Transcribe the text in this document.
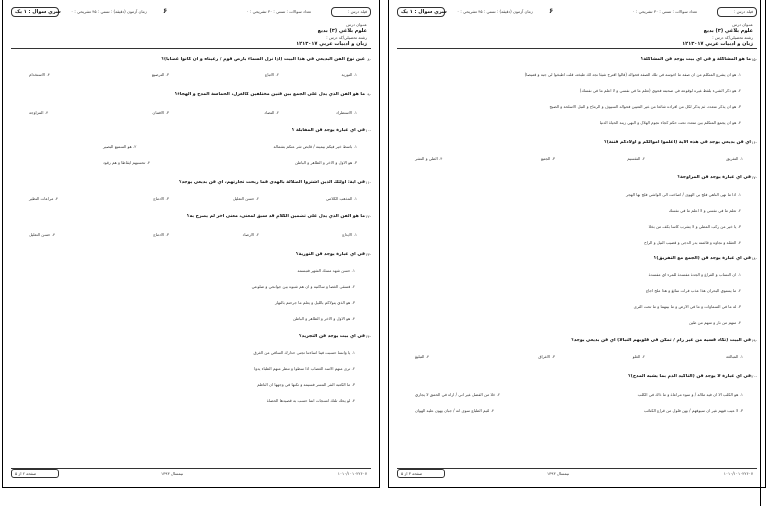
فيلد درس :
تعداد سوالات : تستي : ۳۰ تشريحي : ۰
۶
زمان آزمون (دقيقه) : تستي : ۴۵ تشريحي : ۰
سري سوال : ۱ يک
عنـوان درس
علوم بلاغي (۳) بديع
رشته تحصيلي/کد درس :
زبان و ادبيات عربي ۱۲۱۳۰۱۷
۸-
عين نوع الفن البديعي في هذا البيت (اذا نزل السماء بارض قوم / رعيناه و ان كانوا غضابا)؟
۱. التورية
۲. الاتباع
۳. الترصيع
۴. الاستخدام
۹-
ما هو الفن الذي يدل على الجمع بين فنين مختلفين كالغزل، الحماسة المدح و الهجاء؟
۱. الاستطراد
۲. التضاد
۳. الافتنان
۴. المزاوجة
۱۰-
في اي عبارة يوجد فن المقابلة ؟
۱. باسط خير فيكم بيمينه / قابض شر عنكم بشماله
۲. هو السميع البصير
۳. هو الاول و الاخر و الظاهر و الباطن
۴. تحسبهم ايقاظا و هم رقود
۱۱-
في آية: اولئك الذين اشتروا الضلالة بالهدى فما ربحت تجارتهم، اي فن بديعي يوجد؟
۱. المذهب الكلامي
۲. حسن التعليل
۳. الادماج
۴. مراعات النظير
۱۲-
ما هو الفن الذي يدل على تضمين الكلام قد سبق لمعنى، معنى آخر لم يصرح به؟
۱. الايداع
۲. الارصاد
۳. الادماج
۴. حسن التعليل
۱۳-
في اي عبارة يوجد فن التورية؟
۱. حسن شهد مسك الشهر فتبسمه
۲. فسقى الغضا و ساكنيه و ان هم شبوه بين جوانحي و ضلوعي
۳. هو الذي يتولاكم بالليل و يعلم ما جرحتم بالنهار
۴. هو الاول و الاخر و الظاهر و الباطن
۱۴-
في اي بيت يوجد فن التجريد؟
۱. يا وانسا حسبت فينا اساءتنا تجنى حدارك السافي من الغرق
۲. ترى منهم الاسد الغضاب اذا سطوا و تنظر منهم الظباء يدوا
۳. ما الكعبة النثر المسر فسيمه و تكنها في وجهها ان الناظم
۴. لو يحك تلتك انسجات انما حسب به قصيدها الحصاة
صفحه ۲ از ۵	نيمسال ۱۳۹۳	۱۰۱۰/۱۰۱۰۲۲۶۰۷
فيلد درس :
تعداد سوالات : تستي : ۳۰ تشريحي : ۰
۶
زمان آزمون (دقيقه) : تستي : ۴۵ تشريحي : ۰
سري سوال : ۱ يک
عنـوان درس
علوم بلاغي (۳) بديع
رشته تحصيلي/کد درس :
زبان و ادبيات عربي ۱۲۱۳۰۱۷
۱۵-
ما هو المشاكلة و في اي بيت يوجد فن المشاكلة؟
۱. هو ان يشرع المتكلم من ان صفة ما اخوسه في تلك الصفة فحوالد (قالوا اقترح شيئا نجد لك طبخه، قلت اطبخوا لي جبة و قميصا)
۲. هو ذكر الشيء بلفظ غيره لوقوعه في صحبته فحوي (تعلم ما في نفسي و لا اعلم ما في نفسك)
۳. هو ان يذكر متعدد، ثم يذكر لكل من افراده شائعا من غير التعيين فحوالد السيوف و الرماح و النبل الاسلحة و الضيح
۴. هو ان يجمع المتكلم بين متعدد تحت حكم كجاء نجوم الهلال و البهي زينة الحياة الدنيا
۱۶-
اي فن بديعي يوجد في هذه الآية (اعلموا اموالكم و اولادكم فتنة)؟
۱. التفريق
۲. التقسيم
۳. الجمع
۴. الطي و النشر
۱۷-
في اي عبارة يوجد فن المزاوجة؟
۱. اذا ما نهى الناهي فلج بي الهوى / اصاخت الى الواشي فلج بها الهجر
۲. تعلم ما في نفسي و لا اعلم ما في نفسك
۳. يا خير من ركب المطي و لا يشرب كاسا بكف من بخلا
۴. العقلة و نجاوه و قائمته بدر الدجى و قضيب النيل و الراح
۱۸-
في اي عبارة يوجد فن (الجمع مع التفريق)؟
۱. ان النساب و الفراغ و الجدة مفسدة للمرء اي مفسدة
۲. ما يستوي البحران هذا عذب فرات سائغ و هذا ملح اجاج
۳. له ما في السماوات و ما في الارض و ما بينهما و ما تحت الثرى
۴. منهم من نار و منهم من طين
۱۹-
في البيت (تكاد قسيه من غير رام / تمكن في قلوبهم النبالا) اي فن بديعي يوجد؟
۱. المبالغة
۲. الغلو
۳. الاغراق
۴. التبليغ
۲۰-
في اي عبارة لا يوجد فن (التاكيد الذم بما يشبه المدح)؟
۱. هو الكلب الا ان فيه ملالة / و سوء مراعاة و ما ذاك في الكلب
۲. خلا من الفضل غير اني / اراه في الحمق لا يجاري
۳. لا عيب فيهم غير ان سيوفهم / بهن فلول من قراع الكتائب
۴. لئيم الطباع سوى انه / جبان يهون عليه الهوان
صفحه ۳ از ۵	نيمسال ۱۳۹۳	۱۰۱۰/۱۰۱۰۲۲۶۰۷
